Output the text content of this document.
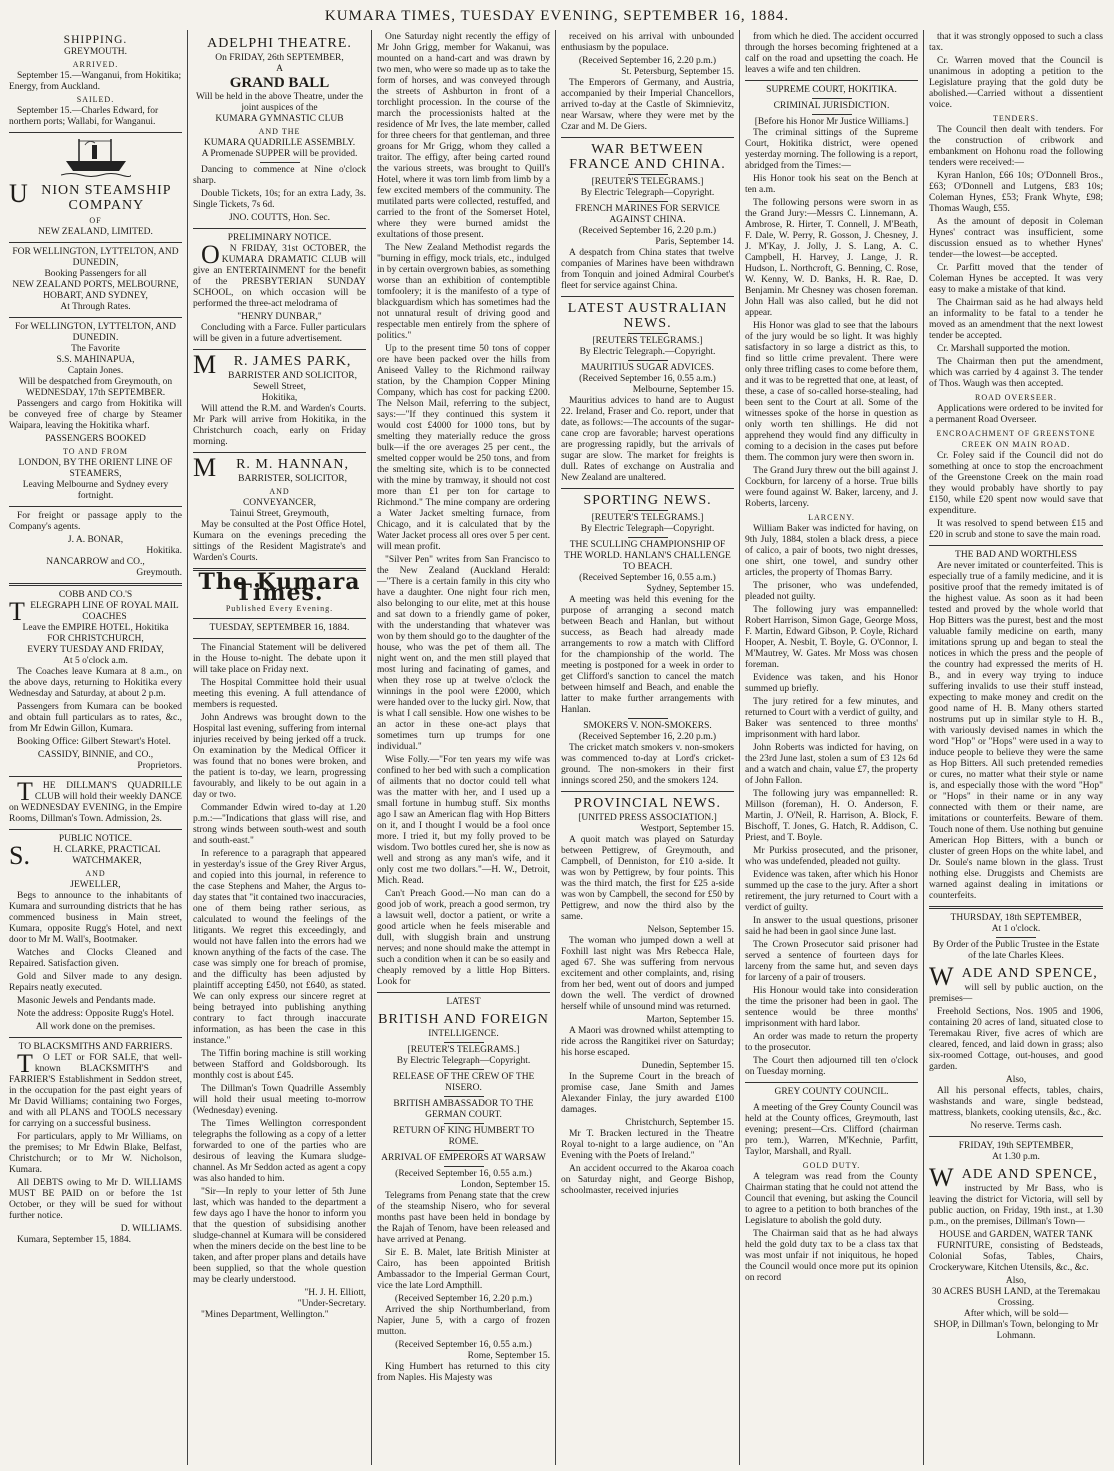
KUMARA TIMES, TUESDAY EVENING, SEPTEMBER 16, 1884.
SHIPPING.
GREYMOUTH.
ARRIVED.

September 15.—Wanganui, from Hokitika; Energy, from Auckland.

SAILED.

September 15.—Charles Edward, for northern ports; Wallabi, for Wanganui.

UNION STEAMSHIP COMPANY
OF
NEW ZEALAND, LIMITED.
FOR WELLINGTON, LYTTELTON, AND DUNEDIN,
Booking Passengers for all
NEW ZEALAND PORTS, MELBOURNE, HOBART, AND SYDNEY,
At Through Rates.
For WELLINGTON, LYTTELTON, AND DUNEDIN.
The Favorite
S.S. MAHINAPUA,
Captain Jones.
Will be despatched from Greymouth, on
WEDNESDAY, 17th SEPTEMBER.

Passengers and cargo from Hokitika will be conveyed free of charge by Steamer Waipara, leaving the Hokitika wharf.

PASSENGERS BOOKED
TO AND FROM
LONDON, BY THE ORIENT LINE OF STEAMERS,
Leaving Melbourne and Sydney every fortnight.

For freight or passage apply to the Company's agents.

J. A. BONAR,

Hokitika.

NANCARROW and CO.,

Greymouth.

COBB AND CO.'S
TELEGRAPH LINE OF ROYAL MAIL COACHES
Leave the EMPIRE HOTEL, Hokitika
FOR CHRISTCHURCH,
EVERY TUESDAY AND FRIDAY,
At 5 o'clock a.m.

The Coaches leave Kumara at 8 a.m., on the above days, returning to Hokitika every Wednesday and Saturday, at about 2 p.m.

Passengers from Kumara can be booked and obtain full particulars as to rates, &c., from Mr Edwin Gillon, Kumara.

Booking Office: Gilbert Stewart's Hotel.

CASSIDY, BINNIE, and CO.,

Proprietors.

THE DILLMAN'S QUADRILLE CLUB will hold their weekly DANCE on WEDNESDAY EVENING, in the Empire Rooms, Dillman's Town. Admission, 2s.

PUBLIC NOTICE.
S.H. CLARKE, PRACTICAL WATCHMAKER,
AND
JEWELLER,

Begs to announce to the inhabitants of Kumara and surrounding districts that he has commenced business in Main street, Kumara, opposite Rugg's Hotel, and next door to Mr M. Wall's, Bootmaker.

Watches and Clocks Cleaned and Repaired. Satisfaction given.

Gold and Silver made to any design. Repairs neatly executed.

Masonic Jewels and Pendants made.

Note the address: Opposite Rugg's Hotel.

All work done on the premises.
TO BLACKSMITHS AND FARRIERS.

TO LET or FOR SALE, that well-known BLACKSMITH'S and FARRIER'S Establishment in Seddon street, in the occupation for the past eight years of Mr David Williams; containing two Forges, and with all PLANS and TOOLS necessary for carrying on a successful business.

For particulars, apply to Mr Williams, on the premises; to Mr Edwin Blake, Belfast, Christchurch; or to Mr W. Nicholson, Kumara.

All DEBTS owing to Mr D. WILLIAMS MUST BE PAID on or before the 1st October, or they will be sued for without further notice.

D. WILLIAMS.

Kumara, September 15, 1884.

ADELPHI THEATRE.
On FRIDAY, 26th SEPTEMBER,
A
GRAND BALL
Will be held in the above Theatre, under the joint auspices of the
KUMARA GYMNASTIC CLUB
AND THE
KUMARA QUADRILLE ASSEMBLY.
A Promenade SUPPER will be provided.

Dancing to commence at Nine o'clock sharp.

Double Tickets, 10s; for an extra Lady, 3s. Single Tickets, 7s 6d.

JNO. COUTTS, Hon. Sec.
PRELIMINARY NOTICE.

ON FRIDAY, 31st OCTOBER, the KUMARA DRAMATIC CLUB will give an ENTERTAINMENT for the benefit of the PRESBYTERIAN SUNDAY SCHOOL, on which occasion will be performed the three-act melodrama of

"HENRY DUNBAR,"

Concluding with a Farce. Fuller particulars will be given in a future advertisement.

MR. JAMES PARK,
BARRISTER AND SOLICITOR,
Sewell Street,
Hokitika,

Will attend the R.M. and Warden's Courts. Mr Park will arrive from Hokitika, in the Christchurch coach, early on Friday morning.

MR. M. HANNAN,
BARRISTER, SOLICITOR,
AND
CONVEYANCER,
Tainui Street, Greymouth,

May be consulted at the Post Office Hotel, Kumara on the evenings preceding the sittings of the Resident Magistrate's and Warden's Courts.

The Kumara Times.
Published Every Evening.
TUESDAY, SEPTEMBER 16, 1884.

The Financial Statement will be delivered in the House to-night. The debate upon it will take place on Friday next.

The Hospital Committee hold their usual meeting this evening. A full attendance of members is requested.

John Andrews was brought down to the Hospital last evening, suffering from internal injuries received by being jerked off a truck. On examination by the Medical Officer it was found that no bones were broken, and the patient is to-day, we learn, progressing favourably, and likely to be out again in a day or two.

Commander Edwin wired to-day at 1.20 p.m.:—"Indications that glass will rise, and strong winds between south-west and south and south-east."

In reference to a paragraph that appeared in yesterday's issue of the Grey River Argus, and copied into this journal, in reference to the case Stephens and Maher, the Argus to-day states that "it contained two inaccuracies, one of them being rather serious, as calculated to wound the feelings of the litigants. We regret this exceedingly, and would not have fallen into the errors had we known anything of the facts of the case. The case was simply one for breach of promise, and the difficulty has been adjusted by plaintiff accepting £450, not £640, as stated. We can only express our sincere regret at being betrayed into publishing anything contrary to fact through inaccurate information, as has been the case in this instance."

The Tiffin boring machine is still working between Stafford and Goldsborough. Its monthly cost is about £45.

The Dillman's Town Quadrille Assembly will hold their usual meeting to-morrow (Wednesday) evening.

The Times Wellington correspondent telegraphs the following as a copy of a letter forwarded to one of the parties who are desirous of leaving the Kumara sludge-channel. As Mr Seddon acted as agent a copy was also handed to him.

"Sir—In reply to your letter of 5th June last, which was handed to the department a few days ago I have the honor to inform you that the question of subsidising another sludge-channel at Kumara will be considered when the miners decide on the best line to be taken, and after proper plans and details have been supplied, so that the whole question may be clearly understood.

"H. J. H. Elliott,

"Under-Secretary.

"Mines Department, Wellington."

One Saturday night recently the effigy of Mr John Grigg, member for Wakanui, was mounted on a hand-cart and was drawn by two men, who were so made up as to take the form of horses, and was conveyed through the streets of Ashburton in front of a torchlight procession. In the course of the march the processionists halted at the residence of Mr Ives, the late member, called for three cheers for that gentleman, and three groans for Mr Grigg, whom they called a traitor. The effigy, after being carted round the various streets, was brought to Quill's Hotel, where it was torn limb from limb by a few excited members of the community. The mutilated parts were collected, restuffed, and carried to the front of the Somerset Hotel, where they were burned amidst the exultations of those present.

The New Zealand Methodist regards the "burning in effigy, mock trials, etc., indulged in by certain overgrown babies, as something worse than an exhibition of contemptible tomfoolery; it is the manifesto of a type of blackguardism which has sometimes had the not unnatural result of driving good and respectable men entirely from the sphere of politics."

Up to the present time 50 tons of copper ore have been packed over the hills from Aniseed Valley to the Richmond railway station, by the Champion Copper Mining Company, which has cost for packing £200. The Nelson Mail, referring to the subject, says:—"If they continued this system it would cost £4000 for 1000 tons, but by smelting they materially reduce the gross bulk—if the ore averages 25 per cent., the smelted copper would be 250 tons, and from the smelting site, which is to be connected with the mine by tramway, it should not cost more than £1 per ton for cartage to Richmond." The mine company are ordering a Water Jacket smelting furnace, from Chicago, and it is calculated that by the Water Jacket process all ores over 5 per cent. will mean profit.

"Silver Pen" writes from San Francisco to the New Zealand (Auckland Herald:—"There is a certain family in this city who have a daughter. One night four rich men, also belonging to our elite, met at this house and sat down to a friendly game of poker, with the understanding that whatever was won by them should go to the daughter of the house, who was the pet of them all. The night went on, and the men still played that most luring and facinating of games, and when they rose up at twelve o'clock the winnings in the pool were £2000, which were handed over to the lucky girl. Now, that is what I call sensible. How one wishes to be an actor in these one-act plays that sometimes turn up trumps for one individual."

Wise Folly.—"For ten years my wife was confined to her bed with such a complication of ailments that no doctor could tell what was the matter with her, and I used up a small fortune in humbug stuff. Six months ago I saw an American flag with Hop Bitters on it, and I thought I would be a fool once more. I tried it, but my folly proved to be wisdom. Two bottles cured her, she is now as well and strong as any man's wife, and it only cost me two dollars."—H. W., Detroit, Mich. Read.

Can't Preach Good.—No man can do a good job of work, preach a good sermon, try a lawsuit well, doctor a patient, or write a good article when he feels miserable and dull, with sluggish brain and unstrung nerves; and none should make the attempt in such a condition when it can be so easily and cheaply removed by a little Hop Bitters. Look for

LATEST
BRITISH AND FOREIGN
INTELLIGENCE.
[REUTER'S TELEGRAMS.]
By Electric Telegraph—Copyright.
RELEASE OF THE CREW OF THE NISERO.
BRITISH AMBASSADOR TO THE GERMAN COURT.
RETURN OF KING HUMBERT TO ROME.
ARRIVAL OF EMPERORS AT WARSAW
(Received September 16, 0.55 a.m.)

London, September 15.

Telegrams from Penang state that the crew of the steamship Nisero, who for several months past have been held in bondage by the Rajah of Tenom, have been released and have arrived at Penang.

Sir E. B. Malet, late British Minister at Cairo, has been appointed British Ambassador to the Imperial German Court, vice the late Lord Ampthill.

(Received September 16, 2.20 p.m.)

Arrived the ship Northumberland, from Napier, June 5, with a cargo of frozen mutton.

(Received September 16, 0.55 a.m.)

Rome, September 15.

King Humbert has returned to this city from Naples. His Majesty was

received on his arrival with unbounded enthusiasm by the populace.

(Received September 16, 2.20 p.m.)

St. Petersburg, September 15.

The Emperors of Germany, and Austria, accompanied by their Imperial Chancellors, arrived to-day at the Castle of Skimnievitz, near Warsaw, where they were met by the Czar and M. De Giers.

WAR BETWEEN FRANCE AND CHINA.
[REUTER'S TELEGRAMS.]
By Electric Telegraph—Copyright.
FRENCH MARINES FOR SERVICE AGAINST CHINA.
(Received September 16, 2.20 p.m.)

Paris, September 14.

A despatch from China states that twelve companies of Marines have been withdrawn from Tonquin and joined Admiral Courbet's fleet for service against China.

LATEST AUSTRALIAN NEWS.
[REUTERS TELEGRAMS.]
By Electric Telegraph.—Copyright.
MAURITIUS SUGAR ADVICES.
(Received September 16, 0.55 a.m.)

Melbourne, September 15.

Mauritius advices to hand are to August 22. Ireland, Fraser and Co. report, under that date, as follows:—The accounts of the sugar-cane crop are favorable; harvest operations are progressing rapidly, but the arrivals of sugar are slow. The market for freights is dull. Rates of exchange on Australia and New Zealand are unaltered.

SPORTING NEWS.
[REUTER'S TELEGRAMS.]
By Electric Telegraph—Copyright.
THE SCULLING CHAMPIONSHIP OF THE WORLD. HANLAN'S CHALLENGE TO BEACH.
(Received September 16, 0.55 a.m.)

Sydney, September 15.

A meeting was held this evening for the purpose of arranging a second match between Beach and Hanlan, but without success, as Beach had already made arrangements to row a match with Clifford for the championship of the world. The meeting is postponed for a week in order to get Clifford's sanction to cancel the match between himself and Beach, and enable the latter to make further arrangements with Hanlan.

SMOKERS V. NON-SMOKERS.
(Received September 16, 2.20 p.m.)

The cricket match smokers v. non-smokers was commenced to-day at Lord's cricket-ground. The non-smokers in their first innings scored 250, and the smokers 124.

PROVINCIAL NEWS.
[UNITED PRESS ASSOCIATION.]

Westport, September 15.

A quoit match was played on Saturday between Pettigrew, of Greymouth, and Campbell, of Denniston, for £10 a-side. It was won by Pettigrew, by four points. This was the third match, the first for £25 a-side was won by Campbell, the second for £50 by Pettigrew, and now the third also by the same.

Nelson, September 15.

The woman who jumped down a well at Foxhill last night was Mrs Rebecca Hale, aged 67. She was suffering from nervous excitement and other complaints, and, rising from her bed, went out of doors and jumped down the well. The verdict of drowned herself while of unsound mind was returned.

Marton, September 15.

A Maori was drowned whilst attempting to ride across the Rangitikei river on Saturday; his horse escaped.

Dunedin, September 15.

In the Supreme Court in the breach of promise case, Jane Smith and James Alexander Finlay, the jury awarded £100 damages.

Christchurch, September 15.

Mr T. Bracken lectured in the Theatre Royal to-night to a large audience, on "An Evening with the Poets of Ireland."

An accident occurred to the Akaroa coach on Saturday night, and George Bishop, schoolmaster, received injuries

from which he died. The accident occurred through the horses becoming frightened at a calf on the road and upsetting the coach. He leaves a wife and ten children.

SUPREME COURT, HOKITIKA.
CRIMINAL JURISDICTION.
[Before his Honor Mr Justice Williams.]

The criminal sittings of the Supreme Court, Hokitika district, were opened yesterday morning. The following is a report, abridged from the Times:—

His Honor took his seat on the Bench at ten a.m.

The following persons were sworn in as the Grand Jury:—Messrs C. Linnemann, A. Ambrose, R. Hirter, T. Connell, J. M'Beath, F. Dale, W. Perry, R. Gosson, J. Chesney, J. J. M'Kay, J. Jolly, J. S. Lang, A. C. Campbell, H. Harvey, J. Lange, J. R. Hudson, L. Northcroft, G. Benning, C. Rose, W. Kenny, W. D. Banks, H. R. Rae, D. Benjamin. Mr Chesney was chosen foreman. John Hall was also called, but he did not appear.

His Honor was glad to see that the labours of the jury would be so light. It was highly satisfactory in so large a district as this, to find so little crime prevalent. There were only three trifling cases to come before them, and it was to be regretted that one, at least, of these, a case of so-called horse-stealing, had been sent to the Court at all. Some of the witnesses spoke of the horse in question as only worth ten shillings. He did not apprehend they would find any difficulty in coming to a decision in the cases put before them. The common jury were then sworn in.

The Grand Jury threw out the bill against J. Cockburn, for larceny of a horse. True bills were found against W. Baker, larceny, and J. Roberts, larceny.

LARCENY.

William Baker was indicted for having, on 9th July, 1884, stolen a black dress, a piece of calico, a pair of boots, two night dresses, one shirt, one towel, and sundry other articles, the property of Thomas Barry.

The prisoner, who was undefended, pleaded not guilty.

The following jury was empannelled: Robert Harrison, Simon Gage, George Moss, F. Martin, Edward Gibson, P. Coyle, Richard Hooper, A. Nesbit, T. Boyle, G. O'Connor, I. M'Mautrey, W. Gates. Mr Moss was chosen foreman.

Evidence was taken, and his Honor summed up briefly.

The jury retired for a few minutes, and returned to Court with a verdict of guilty, and Baker was sentenced to three months' imprisonment with hard labor.

John Roberts was indicted for having, on the 23rd June last, stolen a sum of £3 12s 6d and a watch and chain, value £7, the property of John Fallon.

The following jury was empannelled: R. Millson (foreman), H. O. Anderson, F. Martin, J. O'Neil, R. Harrison, A. Block, F. Bischoff, T. Jones, G. Hatch, R. Addison, C. Priest, and T. Boyle.

Mr Purkiss prosecuted, and the prisoner, who was undefended, pleaded not guilty.

Evidence was taken, after which his Honor summed up the case to the jury. After a short retirement, the jury returned to Court with a verdict of guilty.

In answer to the usual questions, prisoner said he had been in gaol since June last.

The Crown Prosecutor said prisoner had served a sentence of fourteen days for larceny from the same hut, and seven days for larceny of a pair of trousers.

His Honour would take into consideration the time the prisoner had been in gaol. The sentence would be three months' imprisonment with hard labor.

An order was made to return the property to the prosecutor.

The Court then adjourned till ten o'clock on Tuesday morning.

GREY COUNTY COUNCIL.

A meeting of the Grey County Council was held at the County offices, Greymouth, last evening; present—Crs. Clifford (chairman pro tem.), Warren, M'Kechnie, Parfitt, Taylor, Marshall, and Ryall.

GOLD DUTY.

A telegram was read from the County Chairman stating that he could not attend the Council that evening, but asking the Council to agree to a petition to both branches of the Legislature to abolish the gold duty.

The Chairman said that as he had always held the gold duty tax to be a class tax that was most unfair if not iniquitous, he hoped the Council would once more put its opinion on record

that it was strongly opposed to such a class tax.

Cr. Warren moved that the Council is unanimous in adopting a petition to the Legislature praying that the gold duty be abolished.—Carried without a dissentient voice.

TENDERS.

The Council then dealt with tenders. For the construction of cribwork and embankment on Hohonu road the following tenders were received:—

Kyran Hanlon, £66 10s; O'Donnell Bros., £63; O'Donnell and Lutgens, £83 10s; Coleman Hynes, £53; Frank Whyte, £98; Thomas Waugh, £55.

As the amount of deposit in Coleman Hynes' contract was insufficient, some discussion ensued as to whether Hynes' tender—the lowest—be accepted.

Cr. Parfitt moved that the tender of Coleman Hynes be accepted. It was very easy to make a mistake of that kind.

The Chairman said as he had always held an informality to be fatal to a tender he moved as an amendment that the next lowest tender be accepted.

Cr. Marshall supported the motion.

The Chairman then put the amendment, which was carried by 4 against 3. The tender of Thos. Waugh was then accepted.

ROAD OVERSEER.

Applications were ordered to be invited for a permanent Road Overseer.

ENCROACHMENT OF GREENSTONE CREEK ON MAIN ROAD.

Cr. Foley said if the Council did not do something at once to stop the encroachment of the Greenstone Creek on the main road they would probably have shortly to pay £150, while £20 spent now would save that expenditure.

It was resolved to spend between £15 and £20 in scrub and stone to save the main road.

THE BAD AND WORTHLESS

Are never imitated or counterfeited. This is especially true of a family medicine, and it is positive proof that the remedy imitated is of the highest value. As soon as it had been tested and proved by the whole world that Hop Bitters was the purest, best and the most valuable family medicine on earth, many imitations sprung up and began to steal the notices in which the press and the people of the country had expressed the merits of H. B., and in every way trying to induce suffering invalids to use their stuff instead, expecting to make money and credit on the good name of H. B. Many others started nostrums put up in similar style to H. B., with variously devised names in which the word "Hop" or "Hops" were used in a way to induce people to believe they were the same as Hop Bitters. All such pretended remedies or cures, no matter what their style or name is, and especially those with the word "Hop" or "Hops" in their name or in any way connected with them or their name, are imitations or counterfeits. Beware of them. Touch none of them. Use nothing but genuine American Hop Bitters, with a bunch or cluster of green Hops on the white label, and Dr. Soule's name blown in the glass. Trust nothing else. Druggists and Chemists are warned against dealing in imitations or counterfeits.

THURSDAY, 18th SEPTEMBER,
At 1 o'clock.
By Order of the Public Trustee in the Estate of the late Charles Klees.
WADE AND SPENCE,

will sell by public auction, on the premises—

Freehold Sections, Nos. 1905 and 1906, containing 20 acres of land, situated close to Teremakau River, five acres of which are cleared, fenced, and laid down in grass; also six-roomed Cottage, out-houses, and good garden.

Also,

All his personal effects, tables, chairs, washstands and ware, single bedstead, mattress, blankets, cooking utensils, &c., &c.

No reserve. Terms cash.
FRIDAY, 19th SEPTEMBER,
At 1.30 p.m.
WADE AND SPENCE,

instructed by Mr Bass, who is leaving the district for Victoria, will sell by public auction, on Friday, 19th inst., at 1.30 p.m., on the premises, Dillman's Town—

HOUSE and GARDEN, WATER TANK

FURNITURE, consisting of Bedsteads, Colonial Sofas, Tables, Chairs, Crockeryware, Kitchen Utensils, &c., &c.

Also,
30 ACRES BUSH LAND, at the Teremakau Crossing.
After which, will be sold—
SHOP, in Dillman's Town, belonging to Mr Lohmann.
